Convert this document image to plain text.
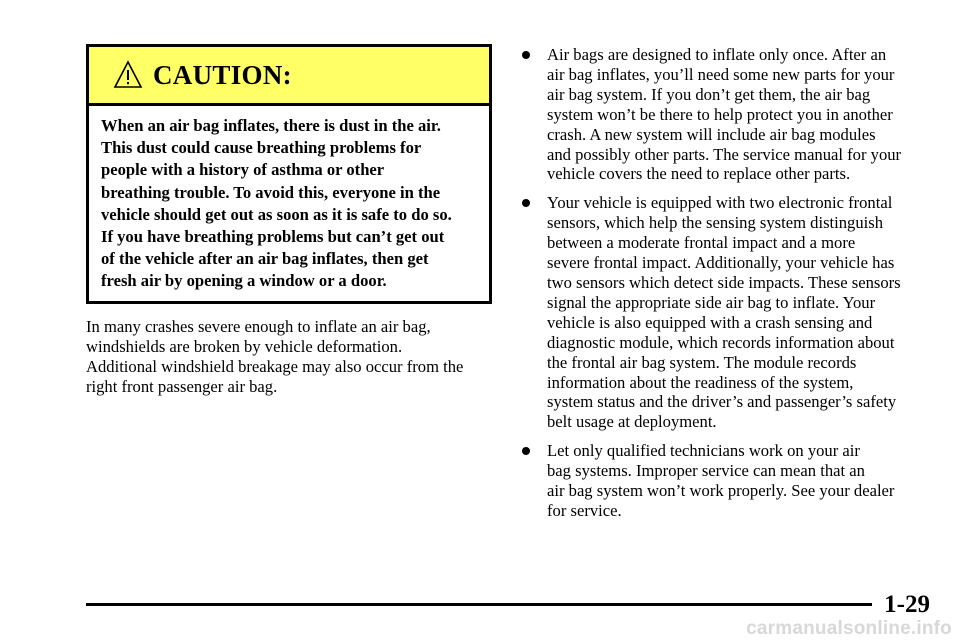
CAUTION:
When an air bag inflates, there is dust in the air.
This dust could cause breathing problems for
people with a history of asthma or other
breathing trouble. To avoid this, everyone in the
vehicle should get out as soon as it is safe to do so.
If you have breathing problems but can’t get out
of the vehicle after an air bag inflates, then get
fresh air by opening a window or a door.
In many crashes severe enough to inflate an air bag,
windshields are broken by vehicle deformation.
Additional windshield breakage may also occur from the
right front passenger air bag.
Air bags are designed to inflate only once. After an
air bag inflates, you’ll need some new parts for your
air bag system. If you don’t get them, the air bag
system won’t be there to help protect you in another
crash. A new system will include air bag modules
and possibly other parts. The service manual for your
vehicle covers the need to replace other parts.
Your vehicle is equipped with two electronic frontal
sensors, which help the sensing system distinguish
between a moderate frontal impact and a more
severe frontal impact. Additionally, your vehicle has
two sensors which detect side impacts. These sensors
signal the appropriate side air bag to inflate. Your
vehicle is also equipped with a crash sensing and
diagnostic module, which records information about
the frontal air bag system. The module records
information about the readiness of the system,
system status and the driver’s and passenger’s safety
belt usage at deployment.
Let only qualified technicians work on your air
bag systems. Improper service can mean that an
air bag system won’t work properly. See your dealer
for service.
1-29
carmanualsonline.info
